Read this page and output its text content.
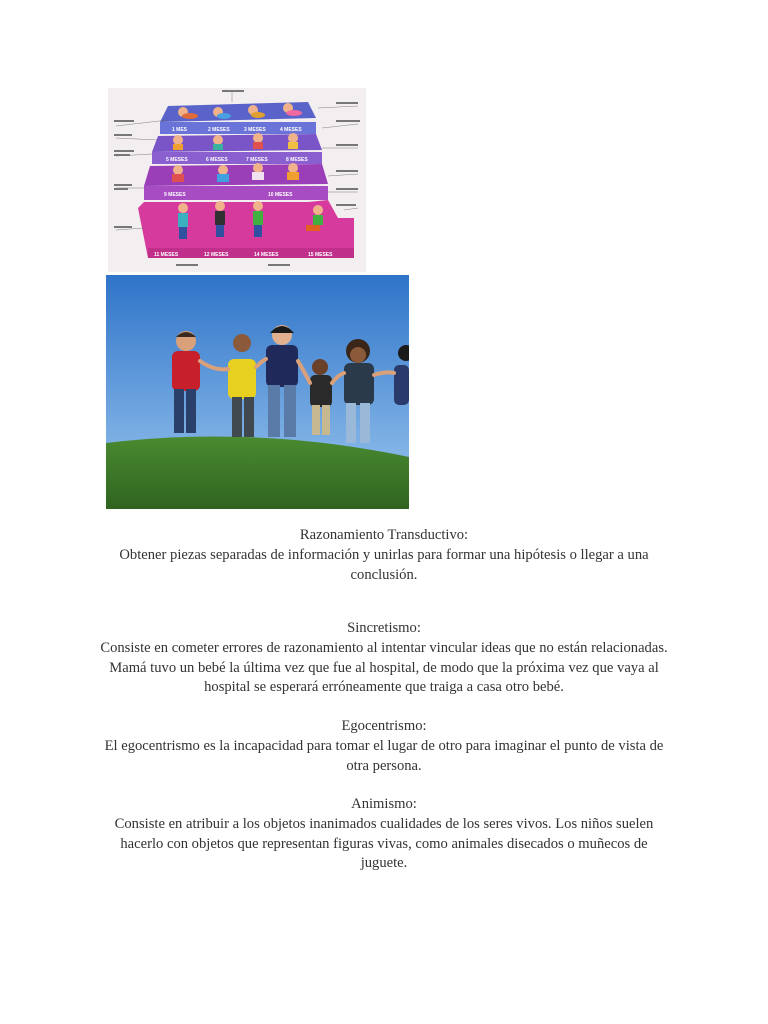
1 MES	2 MESES	3 MESES	4 MESES
5 MESES	6 MESES	7 MESES	8 MESES
9 MESES	10 MESES
11 MESES	12 MESES	14 MESES	15 MESES

Razonamiento Transductivo:

Obtener piezas separadas de información y unirlas para formar una hipótesis o llegar a una conclusión.

Sincretismo:

Consiste en cometer errores de razonamiento al intentar vincular ideas que no están relacionadas. Mamá tuvo un bebé la última vez que fue al hospital, de modo que la próxima vez que vaya al hospital se esperará erróneamente que traiga a casa otro bebé.

Egocentrismo:

El egocentrismo es la incapacidad para tomar el lugar de otro para imaginar el punto de vista de otra persona.

Animismo:

Consiste en atribuir a los objetos inanimados cualidades de los seres vivos. Los niños suelen hacerlo con objetos que representan figuras vivas, como animales disecados o muñecos de juguete.
